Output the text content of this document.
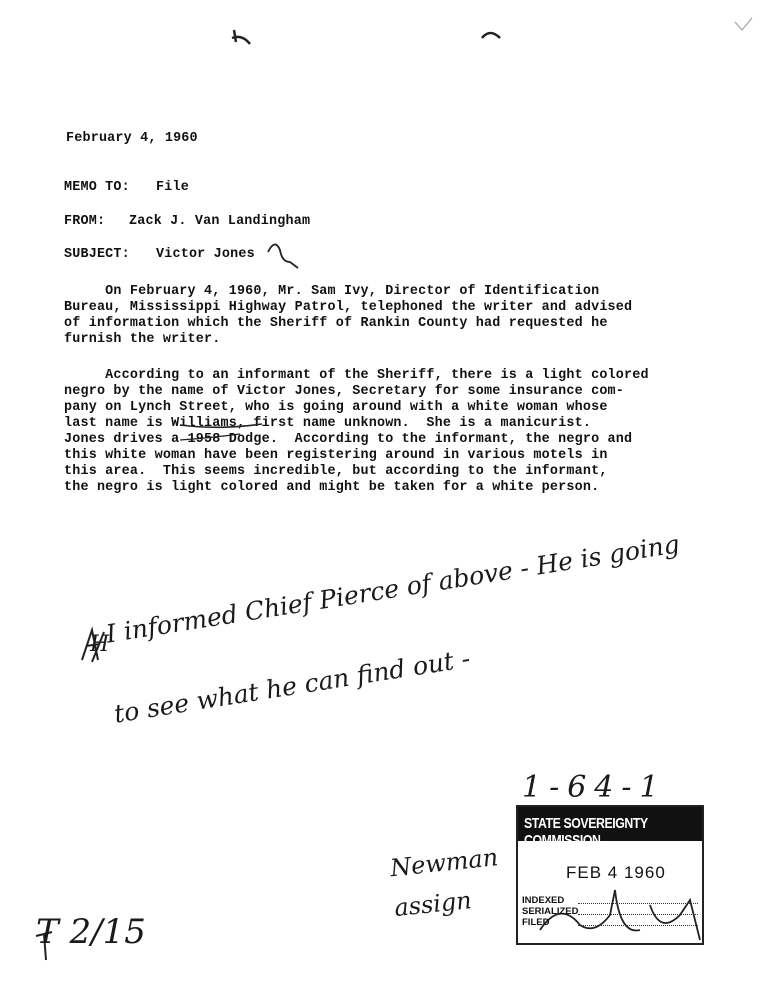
February 4, 1960
MEMO TO: File
FROM: Zack J. Van Landingham
SUBJECT: Victor Jones
On February 4, 1960, Mr. Sam Ivy, Director of Identification
Bureau, Mississippi Highway Patrol, telephoned the writer and advised
of information which the Sheriff of Rankin County had requested he
furnish the writer.
According to an informant of the Sheriff, there is a light colored
negro by the name of Victor Jones, Secretary for some insurance com-
pany on Lynch Street, who is going around with a white woman whose
last name is Williams, first name unknown.  She is a manicurist.
Jones drives a 1958 Dodge.  According to the informant, the negro and
this white woman have been registering around in various motels in
this area.  This seems incredible, but according to the informant,
the negro is light colored and might be taken for a white person.
I informed Chief Pierce of above - He is going
to see what he can find out -
H
1-64-1
Newman assign
T 2/15
STATE SOVEREIGNTY COMMISSION
FEB 4 1960
INDEXED
SERIALIZED
FILED
